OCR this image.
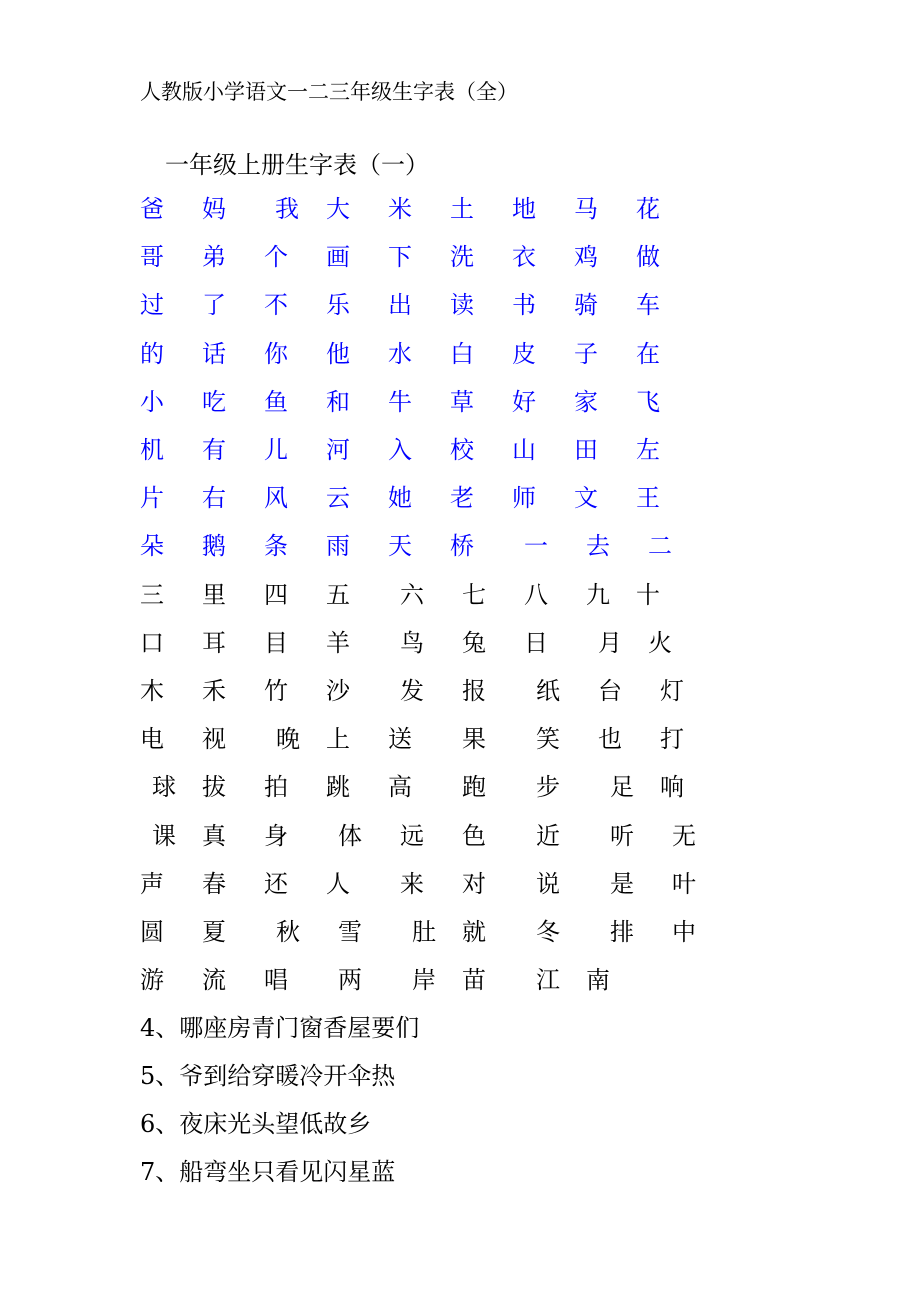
人教版小学语文一二三年级生字表（全）
一年级上册生字表（一）
爸 妈 我 大 米 土 地 马 花
哥 弟 个 画 下 洗 衣 鸡 做
过 了 不 乐 出 读 书 骑 车
的 话 你 他 水 白 皮 子 在
小 吃 鱼 和 牛 草 好 家 飞
机 有 儿 河 入 校 山 田 左
片 右 风 云 她 老 师 文 王
朵 鹅 条 雨 天 桥 一 去 二
三 里 四 五 六 七 八 九 十
口 耳 目 羊 鸟 兔 日 月 火
木 禾 竹 沙 发 报 纸 台 灯
电 视 晚 上 送 果 笑 也 打
球 拔 拍 跳 高 跑 步 足 响
课 真 身 体 远 色 近 听 无
声 春 还 人 来 对 说 是 叶
圆 夏 秋 雪 肚 就 冬 排 中
游 流 唱 两 岸 苗 江 南
4、哪座房青门窗香屋要们
5、爷到给穿暖冷开伞热
6、夜床光头望低故乡
7、船弯坐只看见闪星蓝
